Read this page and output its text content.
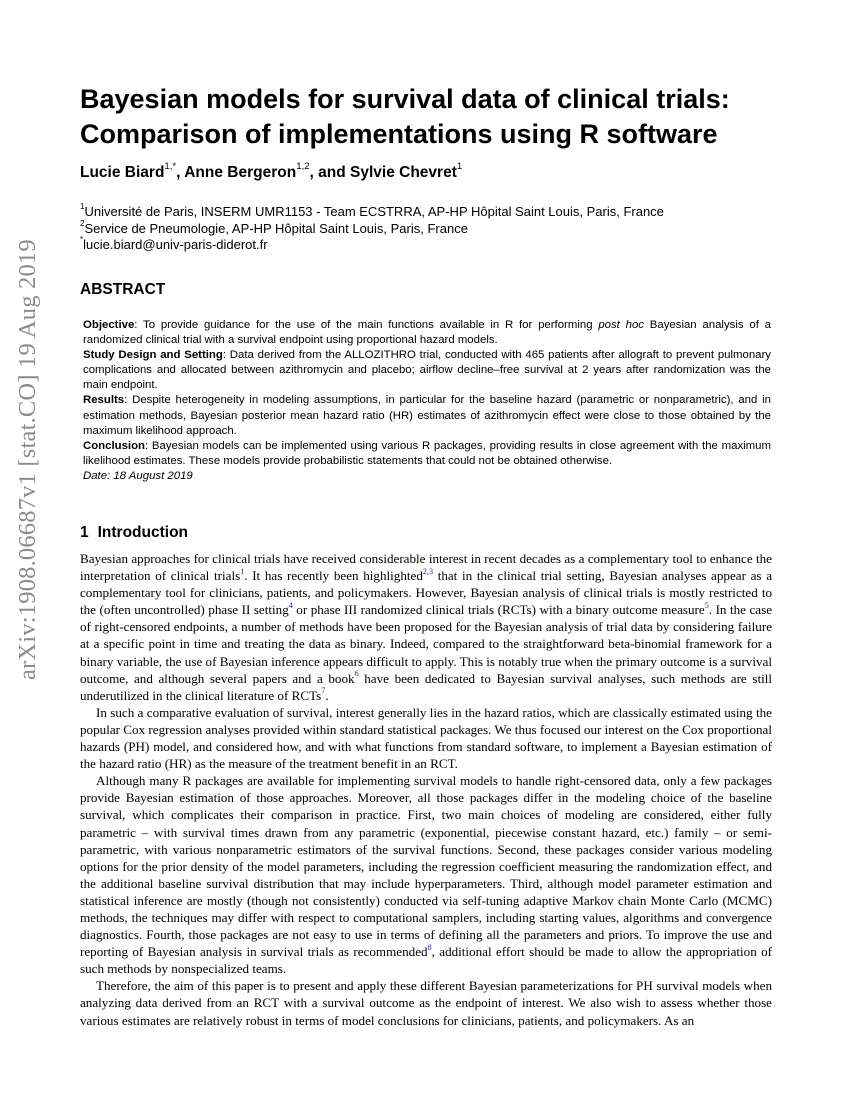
arXiv:1908.06687v1 [stat.CO] 19 Aug 2019
Bayesian models for survival data of clinical trials:
Comparison of implementations using R software
Lucie Biard$^{1,*}$, Anne Bergeron$^{1,2}$, and Sylvie Chevret$^1$
$^1$Université de Paris, INSERM UMR1153 - Team ECSTRRA, AP-HP Hôpital Saint Louis, Paris, France
$^2$Service de Pneumologie, AP-HP Hôpital Saint Louis, Paris, France
*lucie.biard@univ-paris-diderot.fr
ABSTRACT

Objective: To provide guidance for the use of the main functions available in R for performing post hoc Bayesian analysis of a randomized clinical trial with a survival endpoint using proportional hazard models.

Study Design and Setting: Data derived from the ALLOZITHRO trial, conducted with 465 patients after allograft to prevent pulmonary complications and allocated between azithromycin and placebo; airflow decline–free survival at 2 years after randomization was the main endpoint.

Results: Despite heterogeneity in modeling assumptions, in particular for the baseline hazard (parametric or nonparametric), and in estimation methods, Bayesian posterior mean hazard ratio (HR) estimates of azithromycin effect were close to those obtained by the maximum likelihood approach.

Conclusion: Bayesian models can be implemented using various R packages, providing results in close agreement with the maximum likelihood estimates. These models provide probabilistic statements that could not be obtained otherwise.

Date: 18 August 2019

1 Introduction

Bayesian approaches for clinical trials have received considerable interest in recent decades as a complementary tool to enhance the interpretation of clinical trials$^1$. It has recently been highlighted$^{2,3}$ that in the clinical trial setting, Bayesian analyses appear as a complementary tool for clinicians, patients, and policymakers. However, Bayesian analysis of clinical trials is mostly restricted to the (often uncontrolled) phase II setting$^4$ or phase III randomized clinical trials (RCTs) with a binary outcome measure$^5$. In the case of right-censored endpoints, a number of methods have been proposed for the Bayesian analysis of trial data by considering failure at a specific point in time and treating the data as binary. Indeed, compared to the straightforward beta-binomial framework for a binary variable, the use of Bayesian inference appears difficult to apply. This is notably true when the primary outcome is a survival outcome, and although several papers and a book$^6$ have been dedicated to Bayesian survival analyses, such methods are still underutilized in the clinical literature of RCTs$^7$.

In such a comparative evaluation of survival, interest generally lies in the hazard ratios, which are classically estimated using the popular Cox regression analyses provided within standard statistical packages. We thus focused our interest on the Cox proportional hazards (PH) model, and considered how, and with what functions from standard software, to implement a Bayesian estimation of the hazard ratio (HR) as the measure of the treatment benefit in an RCT.

Although many R packages are available for implementing survival models to handle right-censored data, only a few packages provide Bayesian estimation of those approaches. Moreover, all those packages differ in the modeling choice of the baseline survival, which complicates their comparison in practice. First, two main choices of modeling are considered, either fully parametric – with survival times drawn from any parametric (exponential, piecewise constant hazard, etc.) family – or semi-parametric, with various nonparametric estimators of the survival functions. Second, these packages consider various modeling options for the prior density of the model parameters, including the regression coefficient measuring the randomization effect, and the additional baseline survival distribution that may include hyperparameters. Third, although model parameter estimation and statistical inference are mostly (though not consistently) conducted via self-tuning adaptive Markov chain Monte Carlo (MCMC) methods, the techniques may differ with respect to computational samplers, including starting values, algorithms and convergence diagnostics. Fourth, those packages are not easy to use in terms of defining all the parameters and priors. To improve the use and reporting of Bayesian analysis in survival trials as recommended$^8$, additional effort should be made to allow the appropriation of such methods by nonspecialized teams.

Therefore, the aim of this paper is to present and apply these different Bayesian parameterizations for PH survival models when analyzing data derived from an RCT with a survival outcome as the endpoint of interest. We also wish to assess whether those various estimates are relatively robust in terms of model conclusions for clinicians, patients, and policymakers. As an
